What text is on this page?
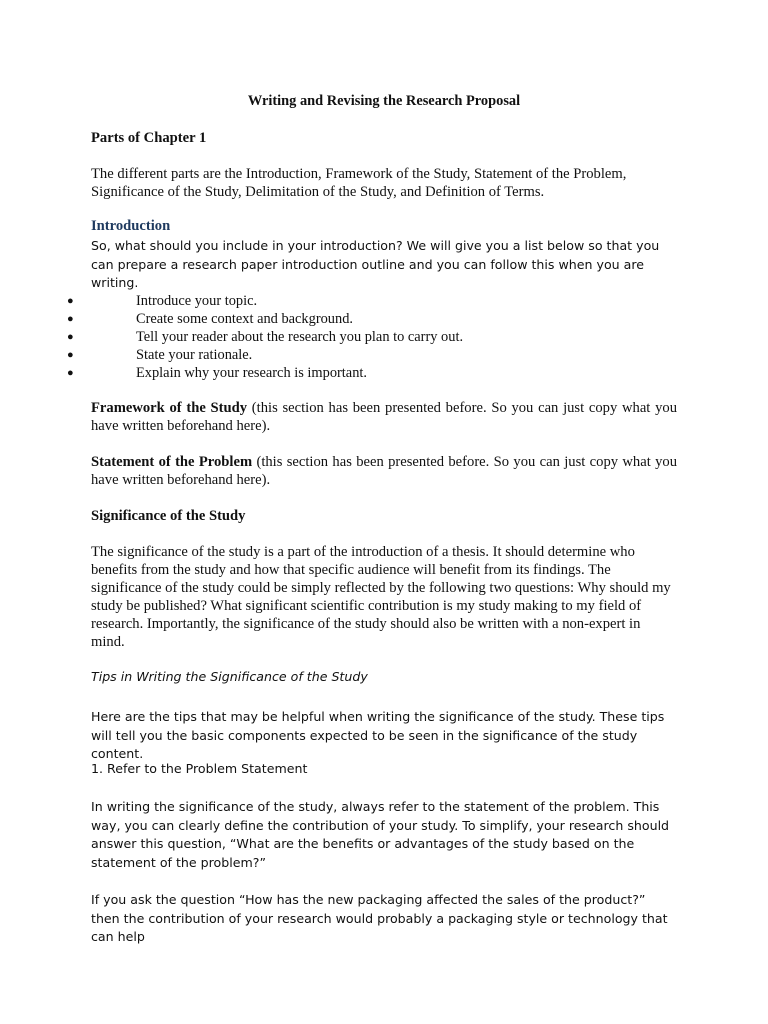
Writing and Revising the Research Proposal

Parts of Chapter 1

The different parts are the Introduction, Framework of the Study, Statement of the Problem, Significance of the Study, Delimitation of the Study, and Definition of Terms.

Introduction

So, what should you include in your introduction? We will give you a list below so that you can prepare a research paper introduction outline and you can follow this when you are writing.

●	Introduce your topic.
●	Create some context and background.
●	Tell your reader about the research you plan to carry out.
●	State your rationale.
●	Explain why your research is important.

Framework of the Study (this section has been presented before. So you can just copy what you have written beforehand here).

Statement of the Problem (this section has been presented before. So you can just copy what you have written beforehand here).

Significance of the Study

The significance of the study is a part of the introduction of a thesis. It should determine who benefits from the study and how that specific audience will benefit from its findings. The significance of the study could be simply reflected by the following two questions: Why should my study be published? What significant scientific contribution is my study making to my field of research. Importantly, the significance of the study should also be written with a non-expert in mind.

Tips in Writing the Significance of the Study

Here are the tips that may be helpful when writing the significance of the study. These tips will tell you the basic components expected to be seen in the significance of the study content.

1. Refer to the Problem Statement

In writing the significance of the study, always refer to the statement of the problem. This way, you can clearly define the contribution of your study. To simplify, your research should answer this question, “What are the benefits or advantages of the study based on the statement of the problem?”

If you ask the question “How has the new packaging affected the sales of the product?” then the contribution of your research would probably a packaging style or technology that can help
